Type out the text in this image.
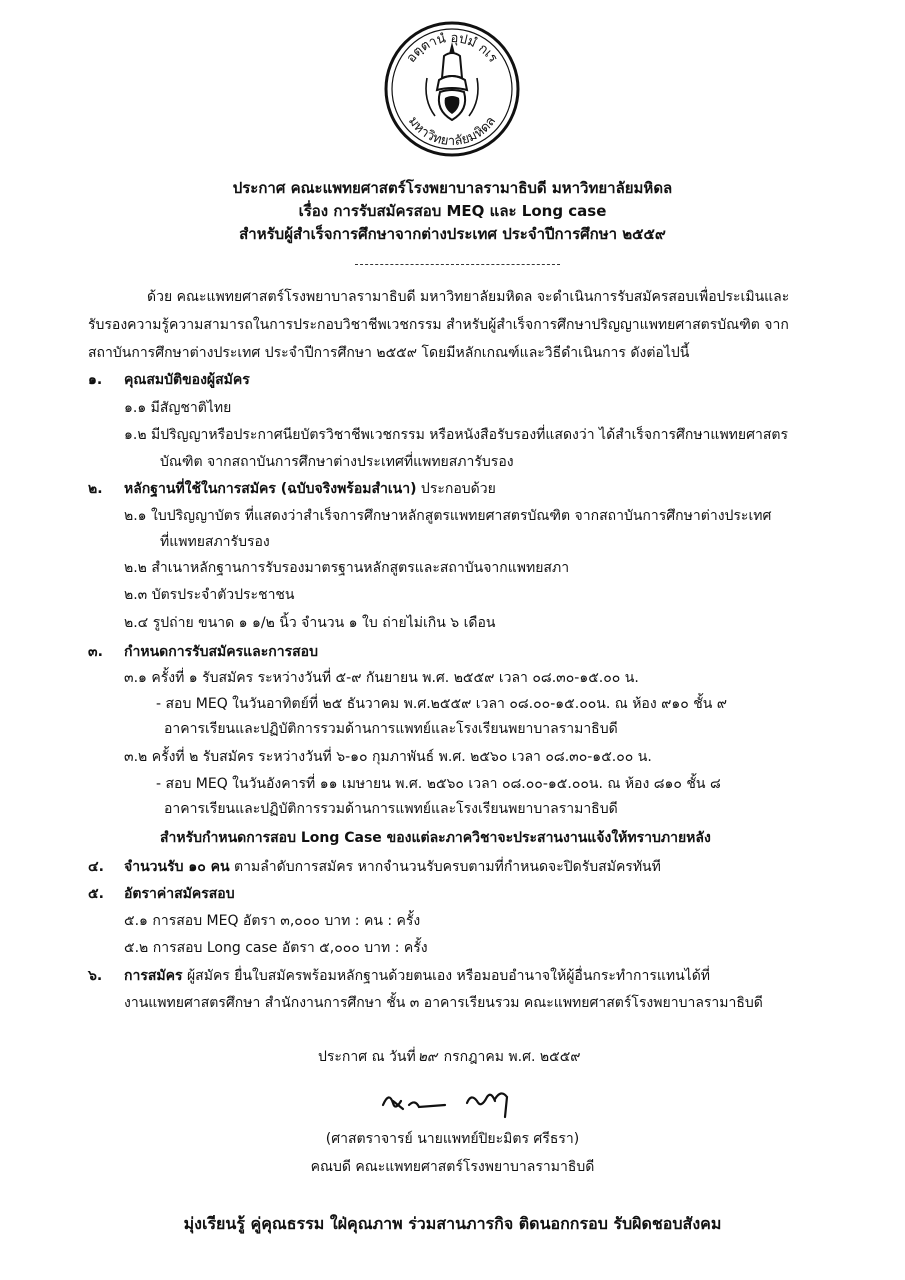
อตฺตานํ อุปมํ กเร
มหาวิทยาลัยมหิดล
ประกาศ คณะแพทยศาสตร์โรงพยาบาลรามาธิบดี มหาวิทยาลัยมหิดล
เรื่อง การรับสมัครสอบ MEQ และ Long case
สำหรับผู้สำเร็จการศึกษาจากต่างประเทศ ประจำปีการศึกษา ๒๕๕๙
ด้วย คณะแพทยศาสตร์โรงพยาบาลรามาธิบดี มหาวิทยาลัยมหิดล จะดำเนินการรับสมัครสอบเพื่อประเมินและ
รับรองความรู้ความสามารถในการประกอบวิชาชีพเวชกรรม สำหรับผู้สำเร็จการศึกษาปริญญาแพทยศาสตรบัณฑิต จาก
สถาบันการศึกษาต่างประเทศ ประจำปีการศึกษา ๒๕๕๙ โดยมีหลักเกณฑ์และวิธีดำเนินการ ดังต่อไปนี้
๑. คุณสมบัติของผู้สมัคร
๑.๑ มีสัญชาติไทย
๑.๒ มีปริญญาหรือประกาศนียบัตรวิชาชีพเวชกรรม หรือหนังสือรับรองที่แสดงว่า ได้สำเร็จการศึกษาแพทยศาสตร
บัณฑิต จากสถาบันการศึกษาต่างประเทศที่แพทยสภารับรอง
๒. หลักฐานที่ใช้ในการสมัคร (ฉบับจริงพร้อมสำเนา) ประกอบด้วย
๒.๑ ใบปริญญาบัตร ที่แสดงว่าสำเร็จการศึกษาหลักสูตรแพทยศาสตรบัณฑิต จากสถาบันการศึกษาต่างประเทศ
ที่แพทยสภารับรอง
๒.๒ สำเนาหลักฐานการรับรองมาตรฐานหลักสูตรและสถาบันจากแพทยสภา
๒.๓ บัตรประจำตัวประชาชน
๒.๔ รูปถ่าย ขนาด ๑ ๑/๒ นิ้ว จำนวน ๑ ใบ ถ่ายไม่เกิน ๖ เดือน
๓. กำหนดการรับสมัครและการสอบ
๓.๑ ครั้งที่ ๑ รับสมัคร ระหว่างวันที่ ๕-๙ กันยายน พ.ศ. ๒๕๕๙ เวลา ๐๘.๓๐-๑๕.๐๐ น.
- สอบ MEQ ในวันอาทิตย์ที่ ๒๕ ธันวาคม พ.ศ.๒๕๕๙ เวลา ๐๘.๐๐-๑๕.๐๐น. ณ ห้อง ๙๑๐ ชั้น ๙
อาคารเรียนและปฏิบัติการรวมด้านการแพทย์และโรงเรียนพยาบาลรามาธิบดี
๓.๒ ครั้งที่ ๒ รับสมัคร ระหว่างวันที่ ๖-๑๐ กุมภาพันธ์ พ.ศ. ๒๕๖๐ เวลา ๐๘.๓๐-๑๕.๐๐ น.
- สอบ MEQ ในวันอังคารที่ ๑๑ เมษายน พ.ศ. ๒๕๖๐ เวลา ๐๘.๐๐-๑๕.๐๐น. ณ ห้อง ๘๑๐ ชั้น ๘
อาคารเรียนและปฏิบัติการรวมด้านการแพทย์และโรงเรียนพยาบาลรามาธิบดี
สำหรับกำหนดการสอบ Long Case ของแต่ละภาควิชาจะประสานงานแจ้งให้ทราบภายหลัง
๔. จำนวนรับ ๑๐ คน ตามลำดับการสมัคร หากจำนวนรับครบตามที่กำหนดจะปิดรับสมัครทันที
๕. อัตราค่าสมัครสอบ
๕.๑ การสอบ MEQ อัตรา ๓,๐๐๐ บาท : คน : ครั้ง
๕.๒ การสอบ Long case อัตรา ๕,๐๐๐ บาท : ครั้ง
๖. การสมัคร ผู้สมัคร ยื่นใบสมัครพร้อมหลักฐานด้วยตนเอง หรือมอบอำนาจให้ผู้อื่นกระทำการแทนได้ที่
งานแพทยศาสตรศึกษา สำนักงานการศึกษา ชั้น ๓ อาคารเรียนรวม คณะแพทยศาสตร์โรงพยาบาลรามาธิบดี
ประกาศ ณ วันที่ ๒๙ กรกฎาคม พ.ศ. ๒๕๕๙
(ศาสตราจารย์ นายแพทย์ปิยะมิตร ศรีธรา)
คณบดี คณะแพทยศาสตร์โรงพยาบาลรามาธิบดี
มุ่งเรียนรู้ คู่คุณธรรม ใฝ่คุณภาพ ร่วมสานภารกิจ ติดนอกกรอบ รับผิดชอบสังคม
